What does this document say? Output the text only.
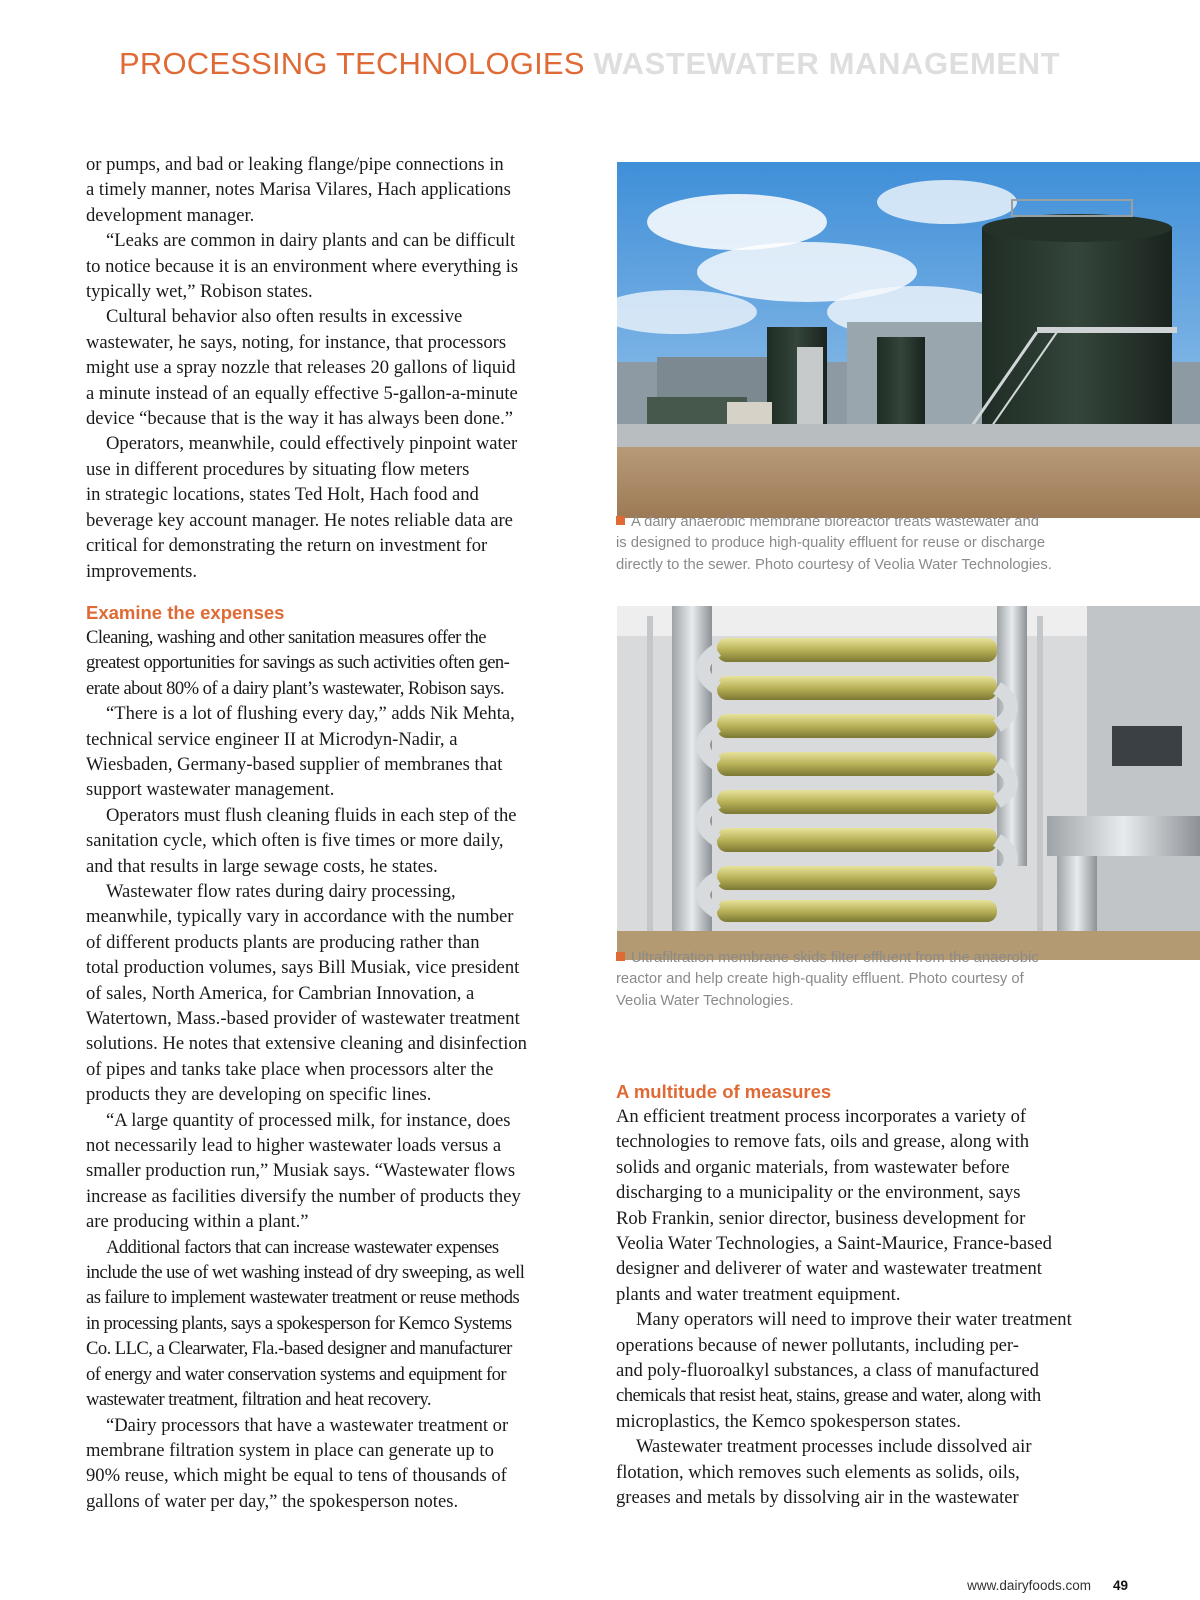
PROCESSING TECHNOLOGIES WASTEWATER MANAGEMENT
or pumps, and bad or leaking flange/pipe connections in
a timely manner, notes Marisa Vilares, Hach applications
development manager.
“Leaks are common in dairy plants and can be difficult
to notice because it is an environment where everything is
typically wet,” Robison states.
Cultural behavior also often results in excessive
wastewater, he says, noting, for instance, that processors
might use a spray nozzle that releases 20 gallons of liquid
a minute instead of an equally effective 5-gallon-a-minute
device “because that is the way it has always been done.”
Operators, meanwhile, could effectively pinpoint water
use in different procedures by situating flow meters
in strategic locations, states Ted Holt, Hach food and
beverage key account manager. He notes reliable data are
critical for demonstrating the return on investment for
improvements.
Examine the expenses
Cleaning, washing and other sanitation measures offer the
greatest opportunities for savings as such activities often gen-
erate about 80% of a dairy plant’s wastewater, Robison says.
“There is a lot of flushing every day,” adds Nik Mehta,
technical service engineer II at Microdyn-Nadir, a
Wiesbaden, Germany-based supplier of membranes that
support wastewater management.
Operators must flush cleaning fluids in each step of the
sanitation cycle, which often is five times or more daily,
and that results in large sewage costs, he states.
Wastewater flow rates during dairy processing,
meanwhile, typically vary in accordance with the number
of different products plants are producing rather than
total production volumes, says Bill Musiak, vice president
of sales, North America, for Cambrian Innovation, a
Watertown, Mass.-based provider of wastewater treatment
solutions. He notes that extensive cleaning and disinfection
of pipes and tanks take place when processors alter the
products they are developing on specific lines.
“A large quantity of processed milk, for instance, does
not necessarily lead to higher wastewater loads versus a
smaller production run,” Musiak says. “Wastewater flows
increase as facilities diversify the number of products they
are producing within a plant.”
Additional factors that can increase wastewater expenses
include the use of wet washing instead of dry sweeping, as well
as failure to implement wastewater treatment or reuse methods
in processing plants, says a spokesperson for Kemco Systems
Co. LLC, a Clearwater, Fla.-based designer and manufacturer
of energy and water conservation systems and equipment for
wastewater treatment, filtration and heat recovery.
“Dairy processors that have a wastewater treatment or
membrane filtration system in place can generate up to
90% reuse, which might be equal to tens of thousands of
gallons of water per day,” the spokesperson notes.
A dairy anaerobic membrane bioreactor treats wastewater and
is designed to produce high-quality effluent for reuse or discharge
directly to the sewer. Photo courtesy of Veolia Water Technologies.
Ultrafiltration membrane skids filter effluent from the anaerobic
reactor and help create high-quality effluent. Photo courtesy of
Veolia Water Technologies.
A multitude of measures
An efficient treatment process incorporates a variety of
technologies to remove fats, oils and grease, along with
solids and organic materials, from wastewater before
discharging to a municipality or the environment, says
Rob Frankin, senior director, business development for
Veolia Water Technologies, a Saint-Maurice, France-based
designer and deliverer of water and wastewater treatment
plants and water treatment equipment.
Many operators will need to improve their water treatment
operations because of newer pollutants, including per-
and poly-fluoroalkyl substances, a class of manufactured
chemicals that resist heat, stains, grease and water, along with
microplastics, the Kemco spokesperson states.
Wastewater treatment processes include dissolved air
flotation, which removes such elements as solids, oils,
greases and metals by dissolving air in the wastewater
www.dairyfoods.com 49
